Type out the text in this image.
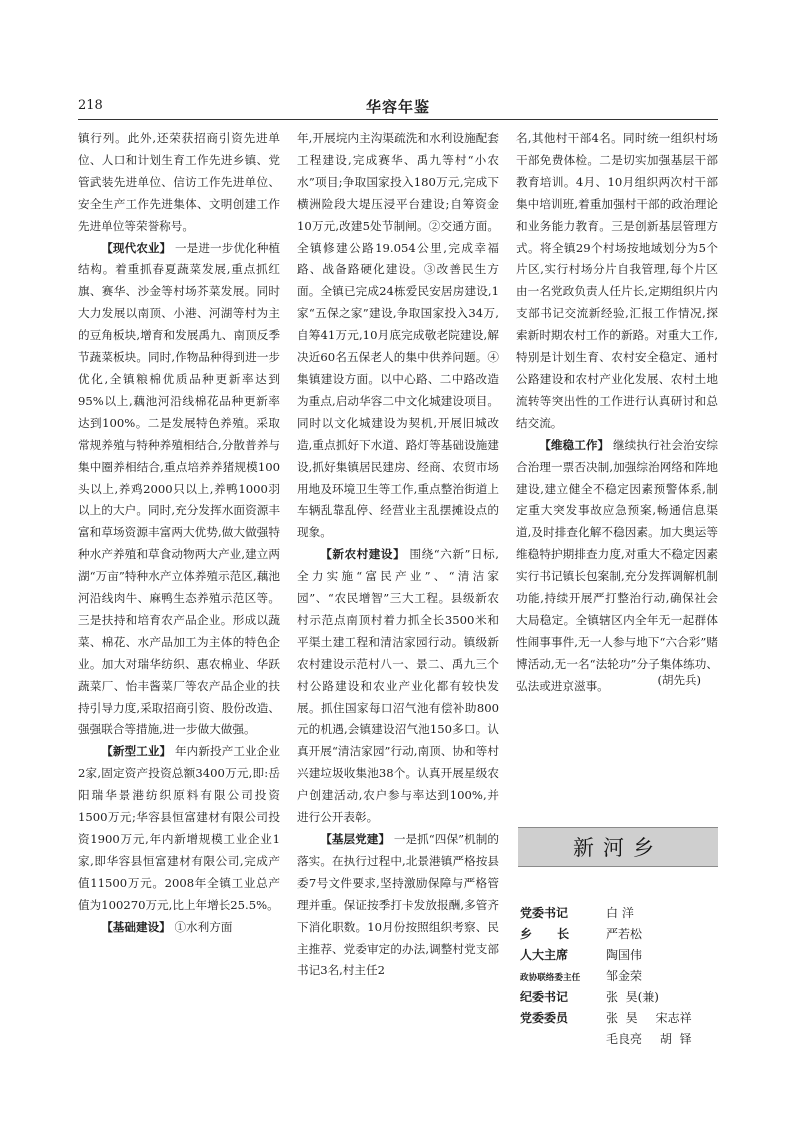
218	华容年鉴

镇行列。此外,还荣获招商引资先进单位、人口和计划生育工作先进乡镇、党管武装先进单位、信访工作先进单位、安全生产工作先进集体、文明创建工作先进单位等荣誉称号。

【现代农业】 一是进一步优化种植结构。着重抓春夏蔬菜发展,重点抓红旗、赛华、沙金等村场芥菜发展。同时大力发展以南顶、小港、河湖等村为主的豆角板块,增育和发展禹九、南顶反季节蔬菜板块。同时,作物品种得到进一步优化,全镇粮棉优质品种更新率达到95%以上,藕池河沿线棉花品种更新率达到100%。二是发展特色养殖。采取常规养殖与特种养殖相结合,分散普养与集中圈养相结合,重点培养养猪规模100头以上,养鸡2000只以上,养鸭1000羽以上的大户。同时,充分发挥水面资源丰富和草场资源丰富两大优势,做大做强特种水产养殖和草食动物两大产业,建立两湖“万亩”特种水产立体养殖示范区,藕池河沿线肉牛、麻鸭生态养殖示范区等。三是扶持和培育农产品企业。形成以蔬菜、棉花、水产品加工为主体的特色企业。加大对瑞华纺织、惠农棉业、华跃蔬菜厂、怡丰酱菜厂等农产品企业的扶持引导力度,采取招商引资、股份改造、强强联合等措施,进一步做大做强。

【新型工业】 年内新投产工业企业2家,固定资产投资总额3400万元,即:岳阳瑞华景港纺织原料有限公司投资1500万元;华容县恒富建材有限公司投资1900万元,年内新增规模工业企业1家,即华容县恒富建材有限公司,完成产值11500万元。2008年全镇工业总产值为100270万元,比上年增长25.5%。

【基础建设】 ①水利方面

年,开展垸内主沟渠疏洗和水利设施配套工程建设,完成赛华、禹九等村“小农水”项目;争取国家投入180万元,完成下横洲险段大堤压浸平台建设;自筹资金10万元,改建5处节制闸。②交通方面。全镇修建公路19.054公里,完成幸福路、战备路硬化建设。③改善民生方面。全镇已完成24栋爱民安居房建设,1家“五保之家”建设,争取国家投入34万,自筹41万元,10月底完成敬老院建设,解决近60名五保老人的集中供养问题。④集镇建设方面。以中心路、二中路改造为重点,启动华容二中文化城建设项目。同时以文化城建设为契机,开展旧城改造,重点抓好下水道、路灯等基础设施建设,抓好集镇居民建房、经商、农贸市场用地及环境卫生等工作,重点整治街道上车辆乱靠乱停、经营业主乱摆摊设点的现象。

【新农村建设】 围绕“六新”日标,全力实施“富民产业”、“清洁家园”、“农民增智”三大工程。县级新农村示范点南顶村着力抓全长3500米和平渠土建工程和清洁家园行动。镇级新农村建设示范村八一、景二、禹九三个村公路建设和农业产业化都有较快发展。抓住国家每口沼气池有偿补助800元的机遇,会镇建设沼气池150多口。认真开展“清洁家园”行动,南顶、协和等村兴建垃圾收集池38个。认真开展星级农户创建活动,农户参与率达到100%,并进行公开表彰。

【基层党建】 一是抓“四保”机制的落实。在执行过程中,北景港镇严格按县委7号文件要求,坚持激励保障与严格管理并重。保证按季打卡发放报酬,多管齐下消化职数。10月份按照组织考察、民主推荐、党委审定的办法,调整村党支部书记3名,村主任2

名,其他村干部4名。同时统一组织村场干部免费体检。二是切实加强基层干部教育培训。4月、10月组织两次村干部集中培训班,着重加强村干部的政治理论和业务能力教育。三是创新基层管理方式。将全镇29个村场按地域划分为5个片区,实行村场分片自我管理,每个片区由一名党政负责人任片长,定期组织片内支部书记交流新经验,汇报工作情况,探索新时期农村工作的新路。对重大工作,特别是计划生育、农村安全稳定、通村公路建设和农村产业化发展、农村土地流转等突出性的工作进行认真研讨和总结交流。

【维稳工作】 继续执行社会治安综合治理一票否决制,加强综治网络和阵地建设,建立健全不稳定因素预警体系,制定重大突发事故应急预案,畅通信息渠道,及时排查化解不稳因素。加大奥运等维稳特护期排查力度,对重大不稳定因素实行书记镇长包案制,充分发挥调解机制功能,持续开展严打整治行动,确保社会大局稳定。全镇辖区内全年无一起群体性闹事事件,无一人参与地下“六合彩”赌博活动,无一名“法轮功”分子集体练功、弘法或进京滋事。	(胡先兵)
新河乡
党委书记	白 洋
乡      长	严若松
人大主席	陶国伟
政协联络委主任 邹金荣
纪委书记	张  昊(兼)
党委委员	张  昊 宋志祥
毛良亮 胡  铎
